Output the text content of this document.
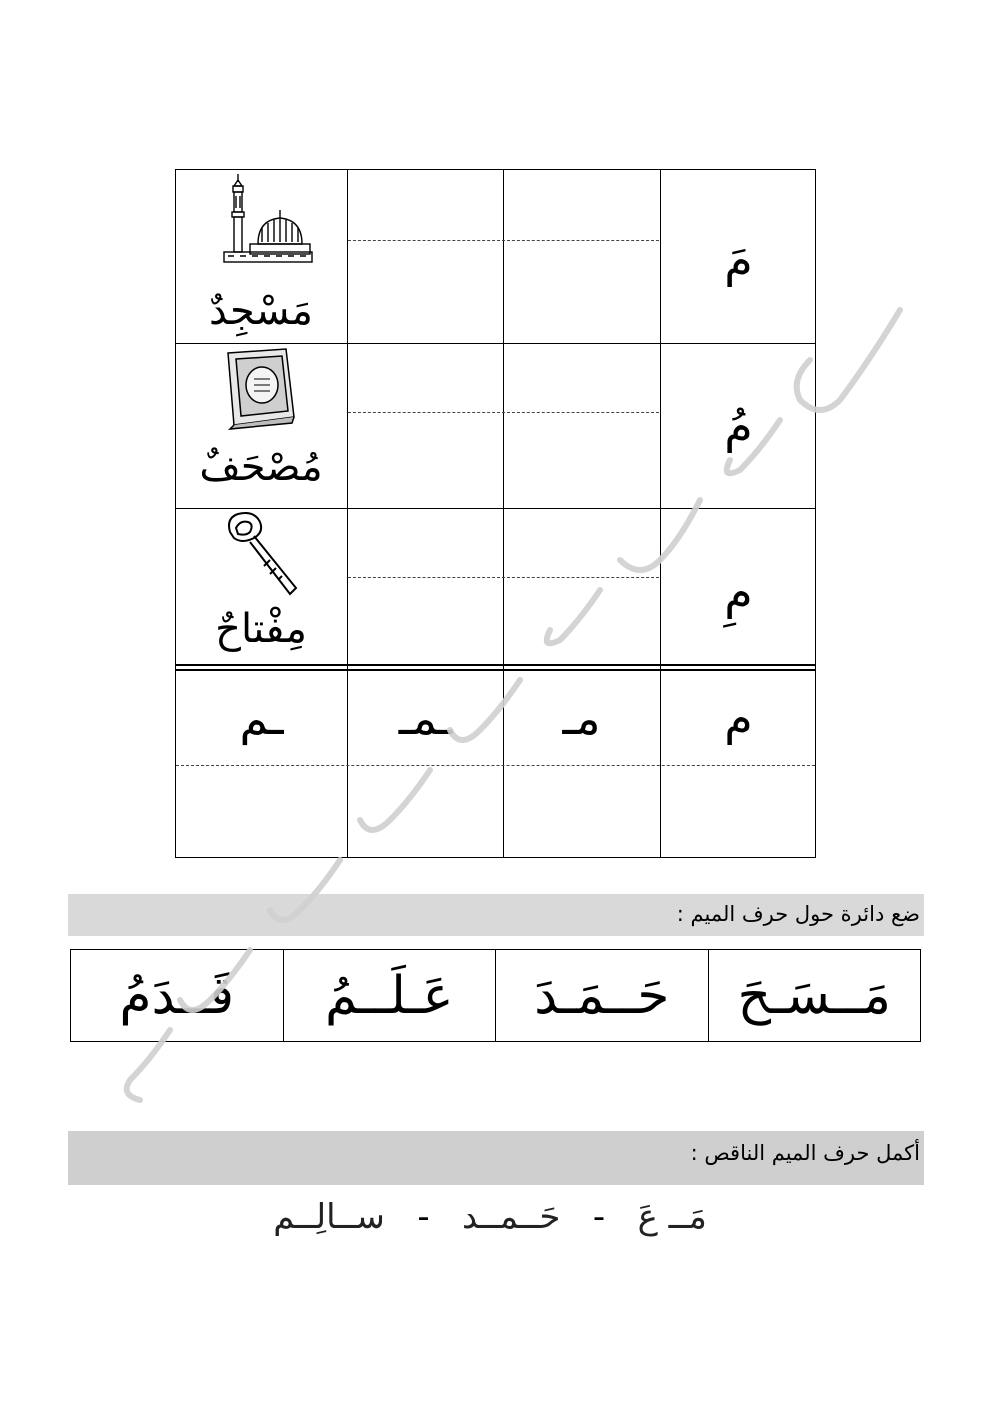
مَ
مُ
مِ
م
مـ
ـمـ
ـم
مَسْجِدٌ
مُصْحَفٌ
مِفْتاحٌ
ضع دائرة حول حرف الميم :
مَــسَـحَ
حَــمَـدَ
عَـلَــمُ
قَــدَمُ
أكمل حرف الميم الناقص :
مَــ عَ   -   حَــمــد   -   ســالِــم
